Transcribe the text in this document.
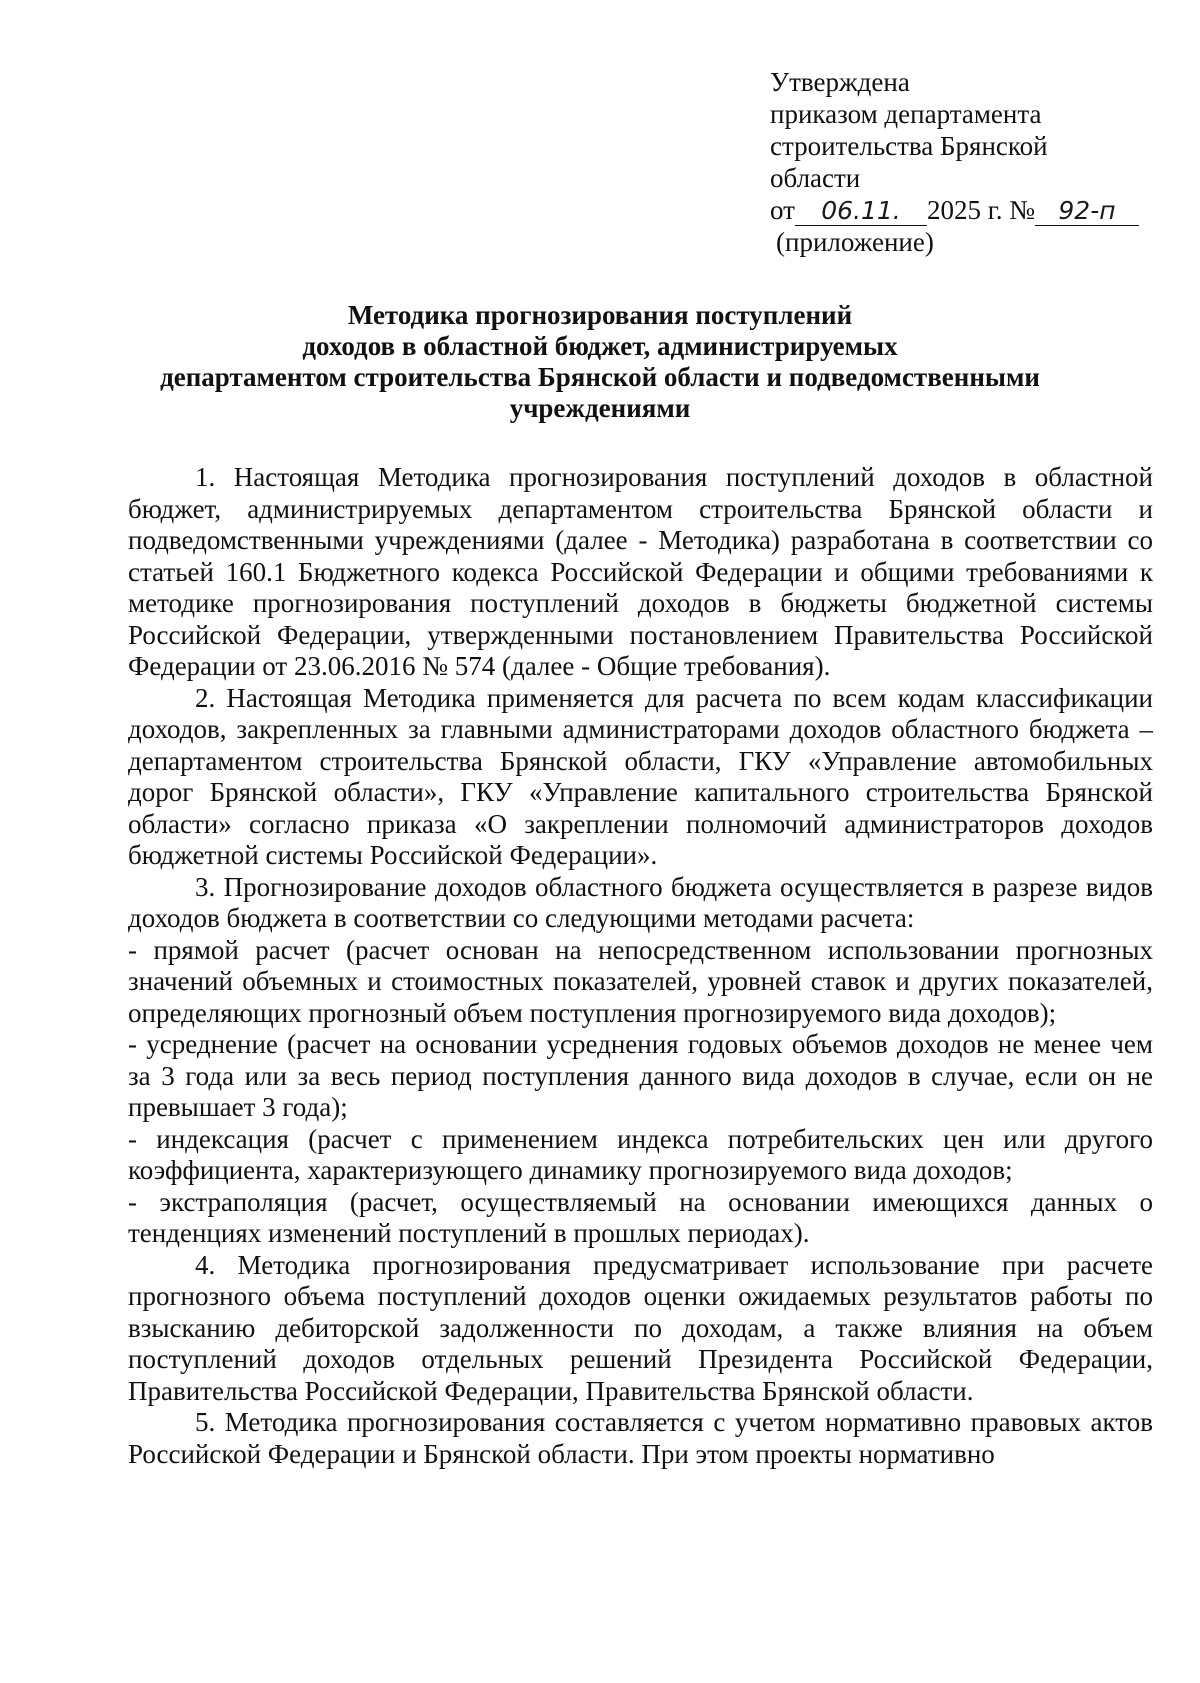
Утверждена
приказом департамента
строительства Брянской
области
от 06.11. 2025 г. № 92-п
(приложение)
Методика прогнозирования поступлений
доходов в областной бюджет, администрируемых
департаментом строительства Брянской области и подведомственными
учреждениями

1. Настоящая Методика прогнозирования поступлений доходов в областной бюджет, администрируемых департаментом строительства Брянской области и подведомственными учреждениями (далее - Методика) разработана в соответствии со статьей 160.1 Бюджетного кодекса Российской Федерации и общими требованиями к методике прогнозирования поступлений доходов в бюджеты бюджетной системы Российской Федерации, утвержденными постановлением Правительства Российской Федерации от 23.06.2016 № 574 (далее - Общие требования).

2. Настоящая Методика применяется для расчета по всем кодам классификации доходов, закрепленных за главными администраторами доходов областного бюджета – департаментом строительства Брянской области, ГКУ «Управление автомобильных дорог Брянской области», ГКУ «Управление капитального строительства Брянской области» согласно приказа «О закреплении полномочий администраторов доходов бюджетной системы Российской Федерации».

3. Прогнозирование доходов областного бюджета осуществляется в разрезе видов доходов бюджета в соответствии со следующими методами расчета:

- прямой расчет (расчет основан на непосредственном использовании прогнозных значений объемных и стоимостных показателей, уровней ставок и других показателей, определяющих прогнозный объем поступления прогнозируемого вида доходов);

- усреднение (расчет на основании усреднения годовых объемов доходов не менее чем за 3 года или за весь период поступления данного вида доходов в случае, если он не превышает 3 года);

- индексация (расчет с применением индекса потребительских цен или другого коэффициента, характеризующего динамику прогнозируемого вида доходов;

- экстраполяция (расчет, осуществляемый на основании имеющихся данных о тенденциях изменений поступлений в прошлых периодах).

4. Методика прогнозирования предусматривает использование при расчете прогнозного объема поступлений доходов оценки ожидаемых результатов работы по взысканию дебиторской задолженности по доходам, а также влияния на объем поступлений доходов отдельных решений Президента Российской Федерации, Правительства Российской Федерации, Правительства Брянской области.

5. Методика прогнозирования составляется с учетом нормативно правовых актов Российской Федерации и Брянской области. При этом проекты нормативно
